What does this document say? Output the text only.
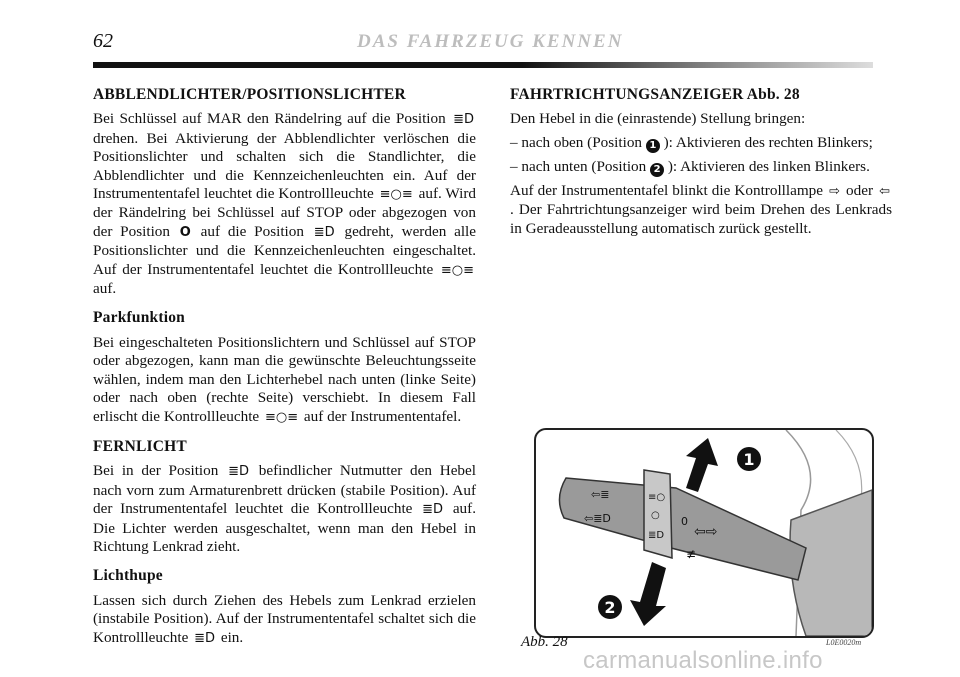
62	DAS FAHRZEUG KENNEN
ABBLENDLICHTER/POSITIONSLICHTER

Bei Schlüssel auf MAR den Rändelring auf die Position ≣D drehen. Bei Aktivierung der Abblendlichter verlöschen die Positionslichter und schalten sich die Standlichter, die Abblendlichter und die Kennzeichenleuchten ein. Auf der Instrumententafel leuchtet die Kontrollleuchte ≡○≡ auf. Wird der Rändelring bei Schlüssel auf STOP oder abgezogen von der Position O auf die Position ≣D gedreht, werden alle Positionslichter und die Kennzeichenleuchten eingeschaltet. Auf der Instrumententafel leuchtet die Kontrollleuchte ≡○≡ auf.

Parkfunktion

Bei eingeschalteten Positionslichtern und Schlüssel auf STOP oder abgezogen, kann man die gewünschte Beleuchtungsseite wählen, indem man den Lichterhebel nach unten (linke Seite) oder nach oben (rechte Seite) verschiebt. In diesem Fall erlischt die Kontrollleuchte ≡○≡ auf der Instrumententafel.

FERNLICHT

Bei in der Position ≣D befindlicher Nutmutter den Hebel nach vorn zum Armaturenbrett drücken (stabile Position). Auf der Instrumententafel leuchtet die Kontrollleuchte ≣D auf. Die Lichter werden ausgeschaltet, wenn man den Hebel in Richtung Lenkrad zieht.

Lichthupe

Lassen sich durch Ziehen des Hebels zum Lenkrad erzielen (instabile Position). Auf der Instrumententafel schaltet sich die Kontrollleuchte ≣D ein.

FAHRTRICHTUNGSANZEIGER Abb. 28
Den Hebel in die (einrastende) Stellung bringen:
– nach oben (Position 1 ): Aktivieren des rechten Blinkers;
– nach unten (Position 2 ): Aktivieren des linken Blinkers.

Auf der Instrumententafel blinkt die Kontrolllampe ⇨ oder ⇦. Der Fahrtrichtungsanzeiger wird beim Drehen des Lenkrads in Geradeausstellung automatisch zurück gestellt.

⇦≣
⇦≣D
≡○
○
≣D
0
⇦⇨
≢
1
2
Abb. 28	L0E0020m
carmanualsonline.info
